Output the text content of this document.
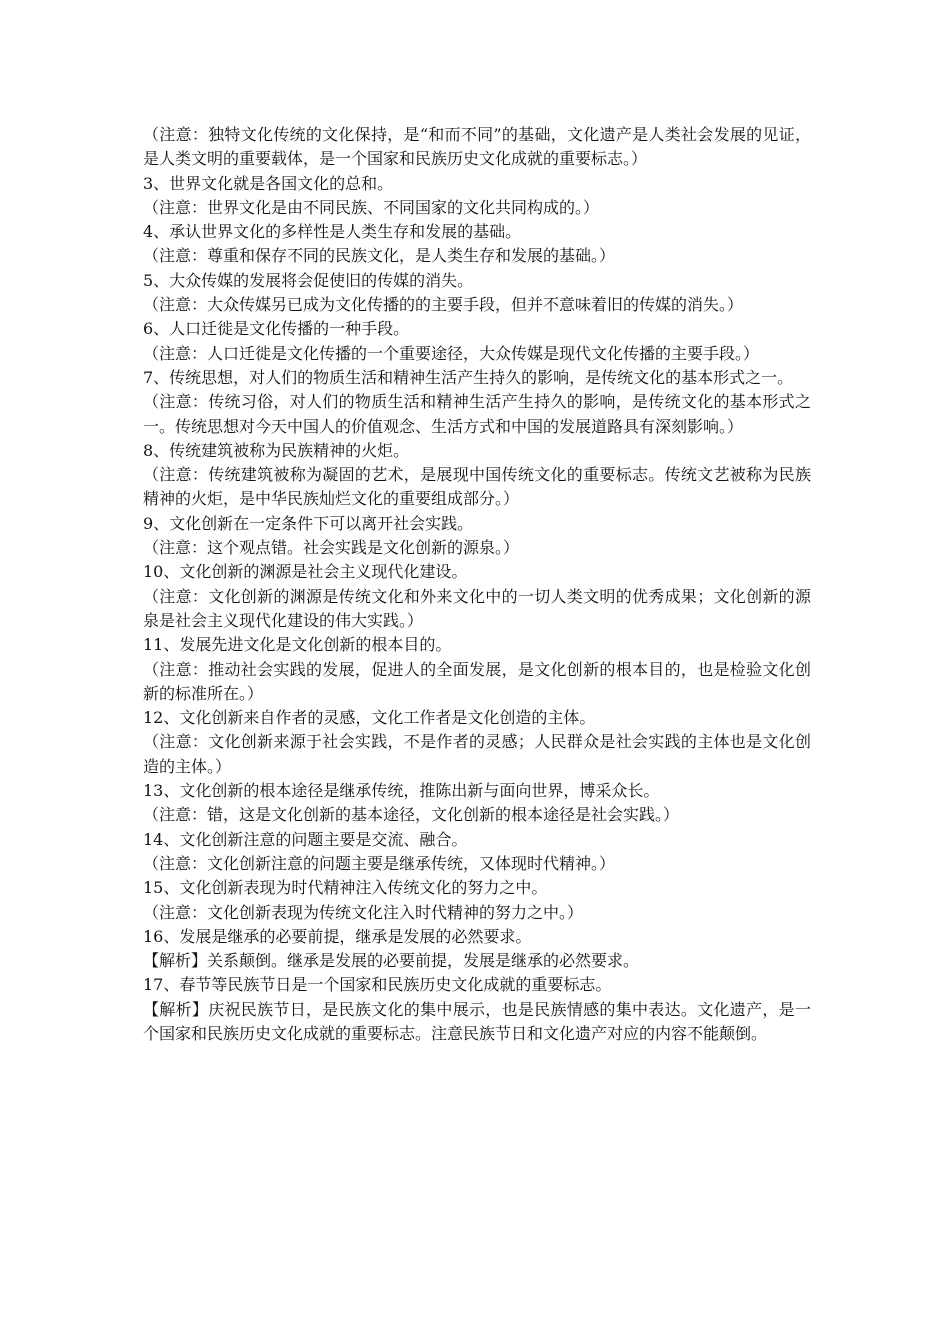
（注意：独特文化传统的文化保持，是“和而不同”的基础，文化遗产是人类社会发展的见证，是人类文明的重要载体，是一个国家和民族历史文化成就的重要标志。）

3、世界文化就是各国文化的总和。

（注意：世界文化是由不同民族、不同国家的文化共同构成的。）

4、承认世界文化的多样性是人类生存和发展的基础。

（注意：尊重和保存不同的民族文化，是人类生存和发展的基础。）

5、大众传媒的发展将会促使旧的传媒的消失。

（注意：大众传媒另已成为文化传播的的主要手段，但并不意味着旧的传媒的消失。）

6、人口迁徙是文化传播的一种手段。

（注意：人口迁徙是文化传播的一个重要途径，大众传媒是现代文化传播的主要手段。）

7、传统思想，对人们的物质生活和精神生活产生持久的影响，是传统文化的基本形式之一。

（注意：传统习俗，对人们的物质生活和精神生活产生持久的影响，是传统文化的基本形式之一。传统思想对今天中国人的价值观念、生活方式和中国的发展道路具有深刻影响。）

8、传统建筑被称为民族精神的火炬。

（注意：传统建筑被称为凝固的艺术，是展现中国传统文化的重要标志。传统文艺被称为民族精神的火炬，是中华民族灿烂文化的重要组成部分。）

9、文化创新在一定条件下可以离开社会实践。

（注意：这个观点错。社会实践是文化创新的源泉。）

10、文化创新的渊源是社会主义现代化建设。

（注意：文化创新的渊源是传统文化和外来文化中的一切人类文明的优秀成果；文化创新的源泉是社会主义现代化建设的伟大实践。）

11、发展先进文化是文化创新的根本目的。

（注意：推动社会实践的发展，促进人的全面发展，是文化创新的根本目的，也是检验文化创新的标准所在。）

12、文化创新来自作者的灵感，文化工作者是文化创造的主体。

（注意：文化创新来源于社会实践，不是作者的灵感；人民群众是社会实践的主体也是文化创造的主体。）

13、文化创新的根本途径是继承传统，推陈出新与面向世界，博采众长。

（注意：错，这是文化创新的基本途径，文化创新的根本途径是社会实践。）

14、文化创新注意的问题主要是交流、融合。

（注意：文化创新注意的问题主要是继承传统，又体现时代精神。）

15、文化创新表现为时代精神注入传统文化的努力之中。

（注意：文化创新表现为传统文化注入时代精神的努力之中。）

16、发展是继承的必要前提，继承是发展的必然要求。

【解析】关系颠倒。继承是发展的必要前提，发展是继承的必然要求。

17、春节等民族节日是一个国家和民族历史文化成就的重要标志。

【解析】庆祝民族节日，是民族文化的集中展示，也是民族情感的集中表达。文化遗产，是一个国家和民族历史文化成就的重要标志。注意民族节日和文化遗产对应的内容不能颠倒。
